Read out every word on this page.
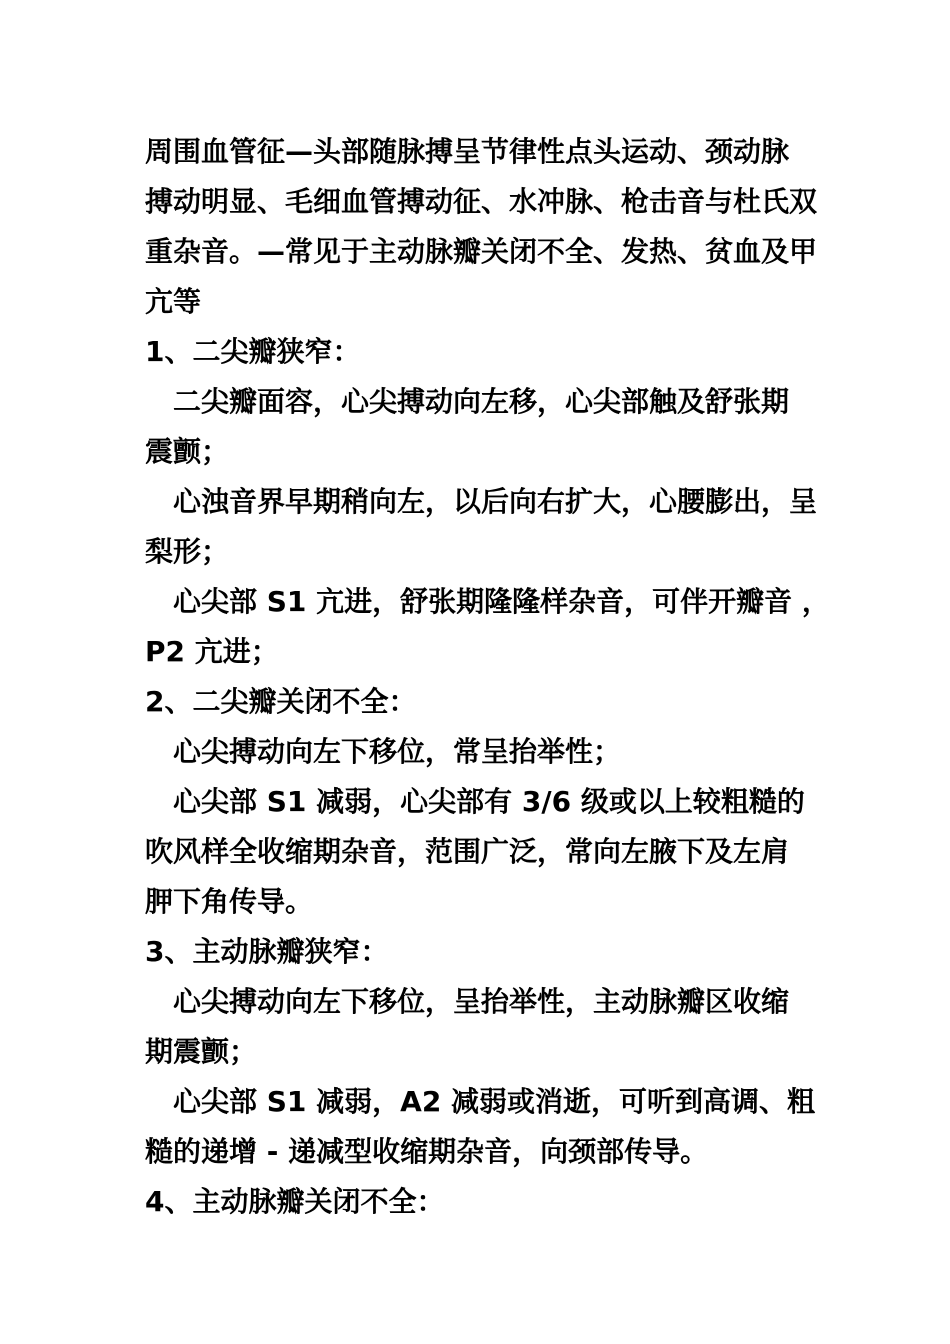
周围血管征—头部随脉搏呈节律性点头运动、颈动脉
搏动明显、毛细血管搏动征、水冲脉、枪击音与杜氏双
重杂音。—常见于主动脉瓣关闭不全、发热、贫血及甲
亢等
1、二尖瓣狭窄：
二尖瓣面容，心尖搏动向左移，心尖部触及舒张期
震颤；
心浊音界早期稍向左，以后向右扩大，心腰膨出，呈
梨形；
心尖部 S1 亢进，舒张期隆隆样杂音，可伴开瓣音 ，
P2 亢进；
2、二尖瓣关闭不全：
心尖搏动向左下移位，常呈抬举性；
心尖部 S1 减弱，心尖部有 3/6 级或以上较粗糙的
吹风样全收缩期杂音，范围广泛，常向左腋下及左肩
胛下角传导。
3、主动脉瓣狭窄：
心尖搏动向左下移位，呈抬举性，主动脉瓣区收缩
期震颤；
心尖部 S1 减弱，A2 减弱或消逝，可听到高调、粗
糙的递增 - 递减型收缩期杂音，向颈部传导。
4、主动脉瓣关闭不全：
